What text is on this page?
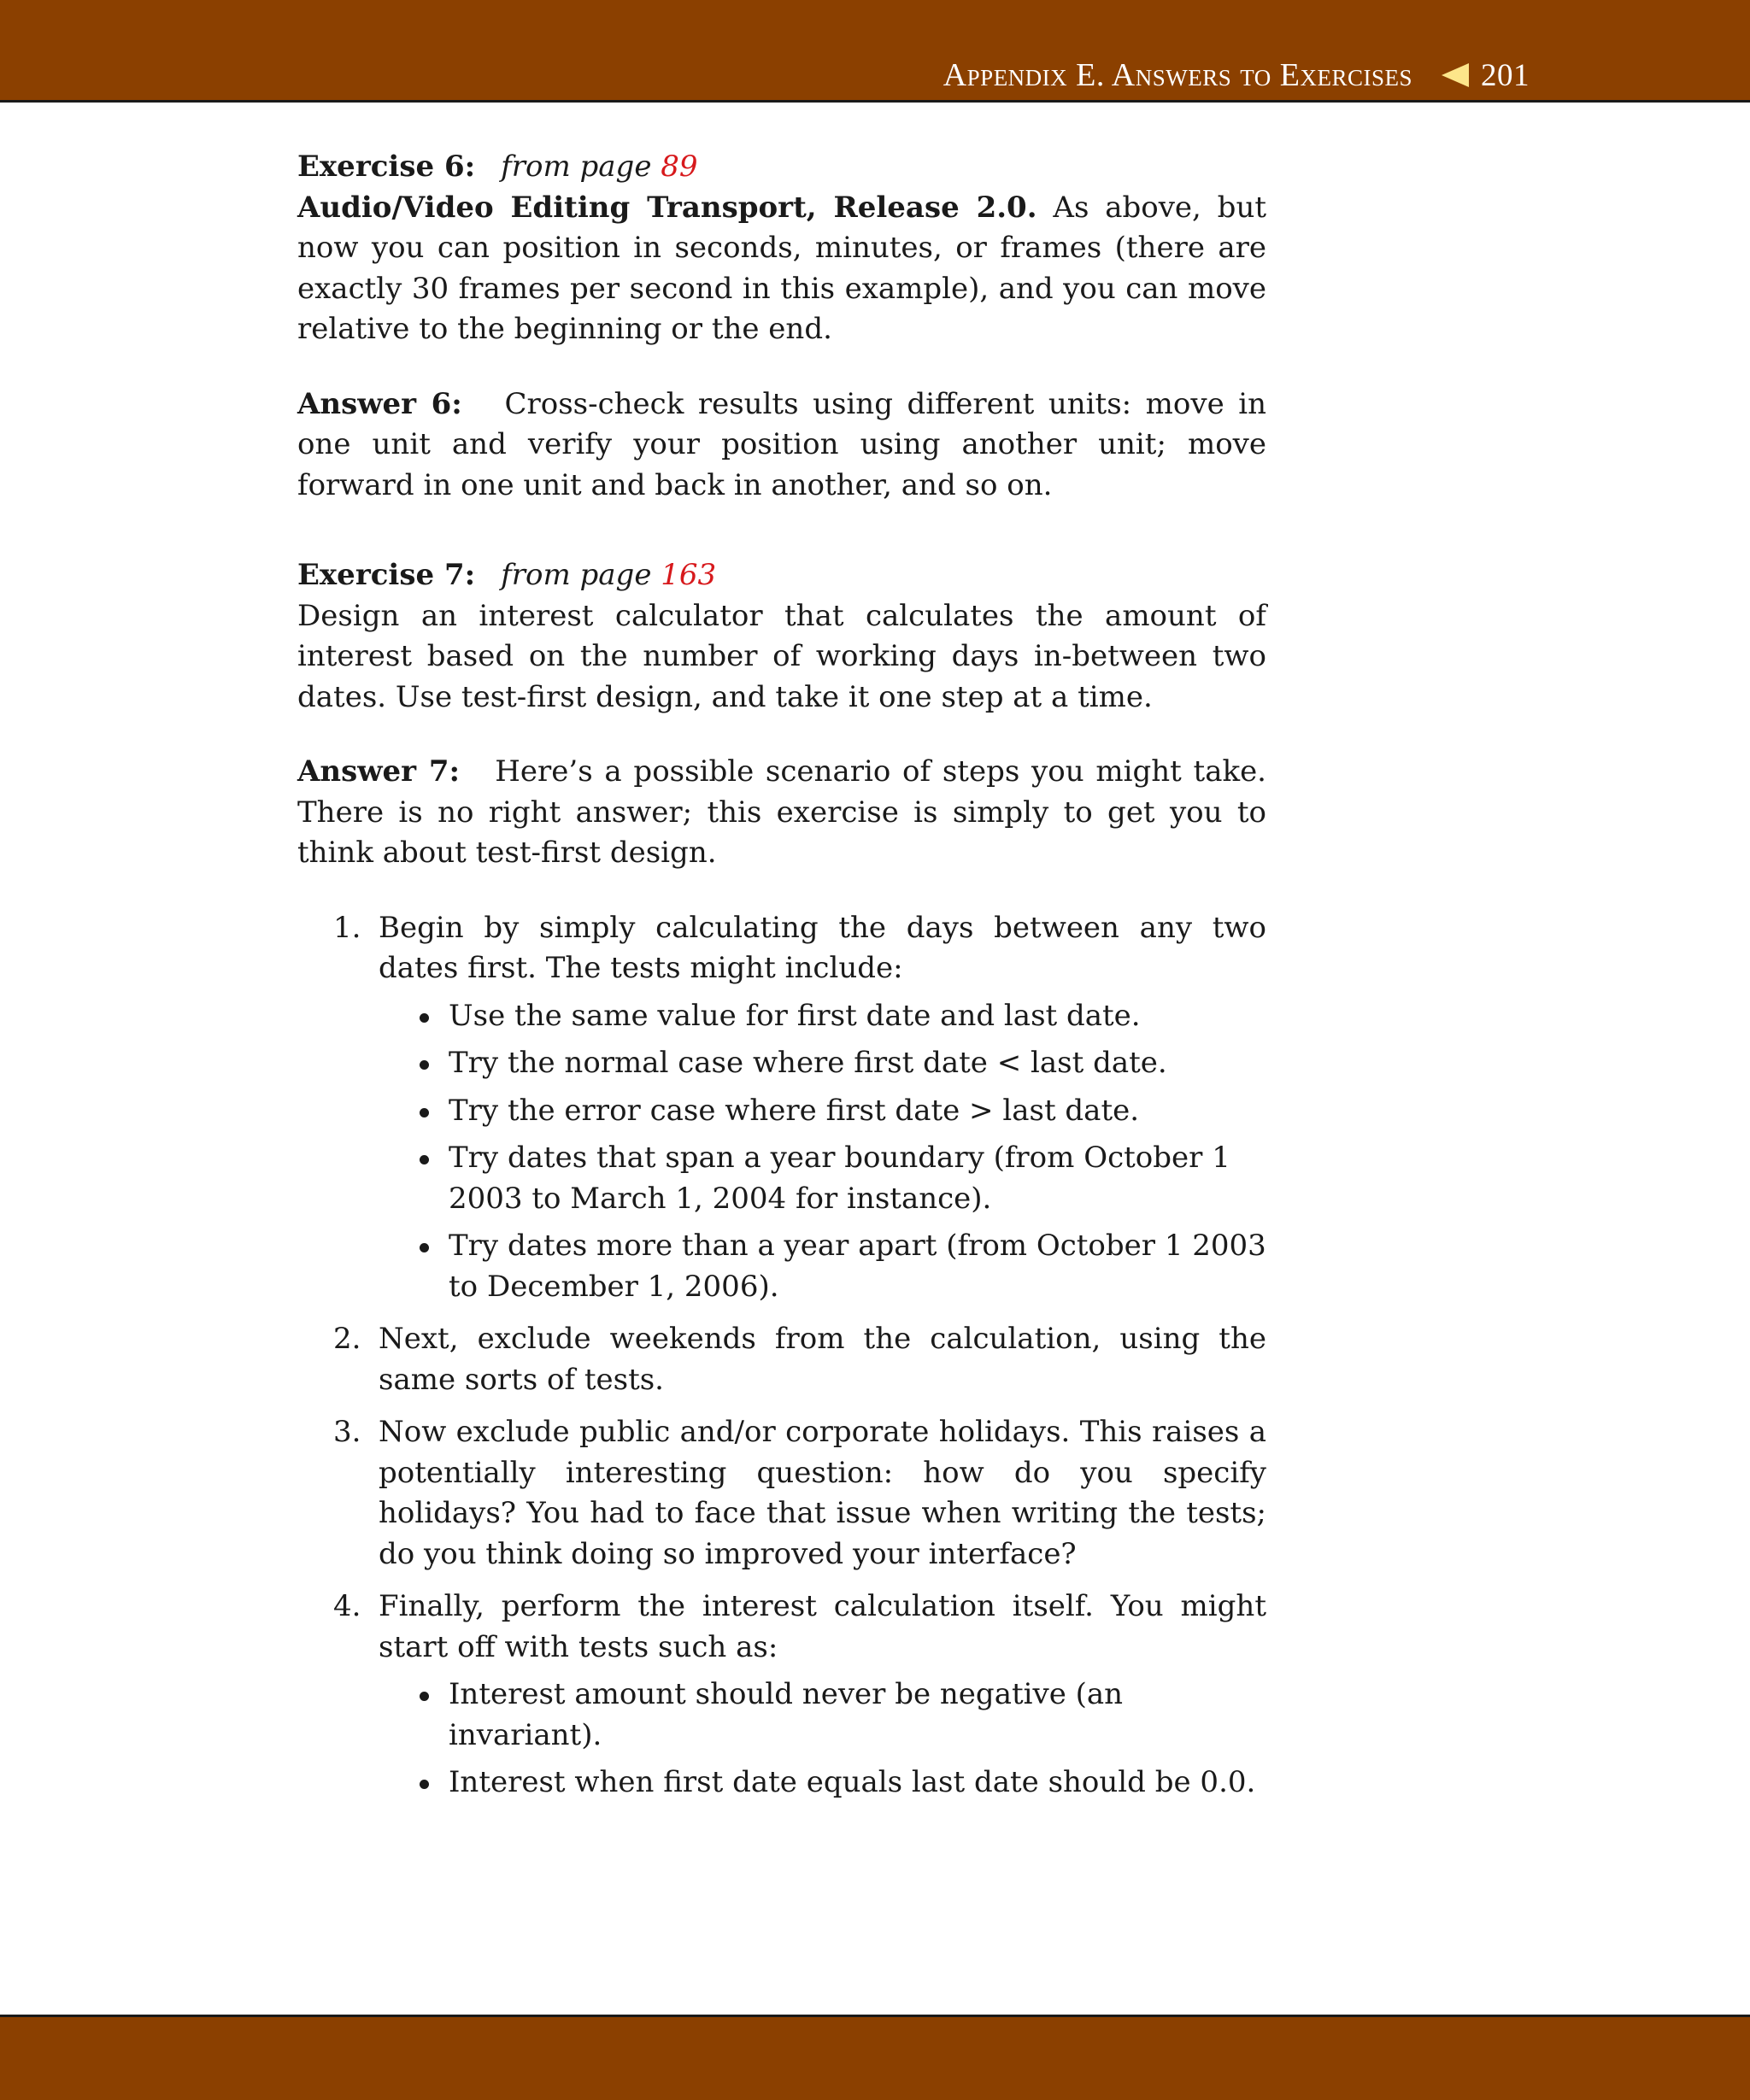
Appendix E. Answers to Exercises 201

Exercise 6: from page 89

Audio/Video Editing Transport, Release 2.0. As above, but now you can position in seconds, minutes, or frames (there are exactly 30 frames per second in this example), and you can move relative to the beginning or the end.

Answer 6: Cross-check results using different units: move in one unit and verify your position using another unit; move forward in one unit and back in another, and so on.

Exercise 7: from page 163

Design an interest calculator that calculates the amount of interest based on the number of working days in-between two dates. Use test-first design, and take it one step at a time.

Answer 7: Here’s a possible scenario of steps you might take. There is no right answer; this exercise is simply to get you to think about test-first design.

1. Begin by simply calculating the days between any two dates first. The tests might include:
Use the same value for first date and last date.
Try the normal case where first date < last date.
Try the error case where first date > last date.
Try dates that span a year boundary (from October 1 2003 to March 1, 2004 for instance).
Try dates more than a year apart (from October 1 2003 to December 1, 2006).
2. Next, exclude weekends from the calculation, using the same sorts of tests.
3. Now exclude public and/or corporate holidays. This raises a potentially interesting question: how do you specify holidays? You had to face that issue when writing the tests; do you think doing so improved your interface?
4. Finally, perform the interest calculation itself. You might start off with tests such as:
Interest amount should never be negative (an invariant).
Interest when first date equals last date should be 0.0.
